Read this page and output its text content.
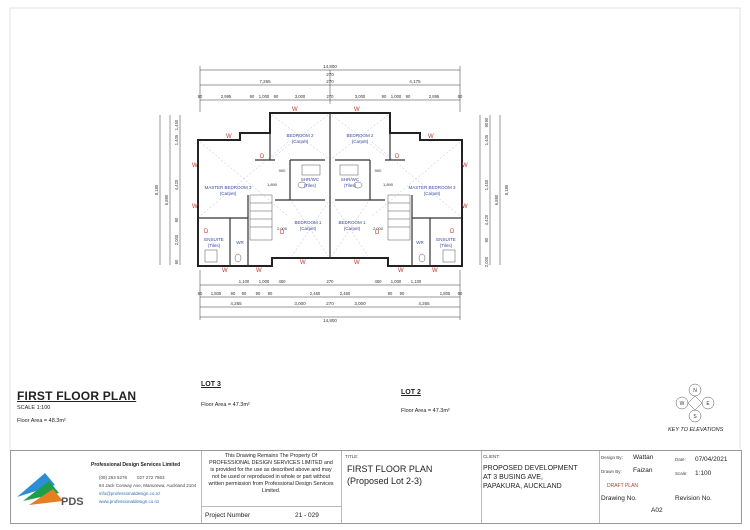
14,800
270
7,265	270	4,175
90	2,995	90 1,000 90	3,000	270	3,000	90 1,000 90	2,895	90
1,100 1,000 450	270	450 1,000 1,100
90 1,805 90 90 90 90	2,460	2,460	90 90	1,805 90
4,265	3,000	270	3,000	4,265
14,800
8,185
6,890
1,450
1,405
4,420
90
2,000
90
8,185
6,890
90
1,405
1,450
4,420
90
2,000
90
W
W	W
W
W	W
W	W
W	W	W	W
W	W
D	D
D	D
D	D
BEDROOM 2
(Carpet)
BEDROOM 2
(Carpet)
MASTER BEDROOM 3
(Carpet)
MASTER BEDROOM 3
(Carpet)
SHR/WC
(Tiles)
SHR/WC
(Tiles)
BEDROOM 1
(Carpet)
BEDROOM 1
(Carpet)
ENSUITE
(Tiles)
ENSUITE
(Tiles)
WR	WR
900	900
1,890	1,890
2,000	2,000
N
E
S
W
FIRST FLOOR PLAN
SCALE 1:100
Floor Area = 48.3m²
LOT 3
Floor Area = 47.3m²
LOT 2
Floor Area = 47.3m²
KEY TO ELEVATIONS
PDS
Professional Design Services Limited
(09) 263 5276 027 272 7863
84 Jack Conway Ave, Manurewa, Auckland 2104
info@professionaldesign.co.nz
www.professionaldesign.co.nz
This Drawing Remains The Property Of PROFESSIONAL DESIGN SERVICES LIMITED and is provided for the use as described above and may not be used or reproduced in whole or part without written permission from Professional Design Services Limited.
Project Number	21 - 029
TITLE:
FIRST FLOOR PLAN
(Proposed Lot 2-3)
CLIENT:
PROPOSED DEVELOPMENT
AT 3 BUSING AVE,
PAPAKURA, AUCKLAND
Design By: Wattan	Date: 07/04/2021
Drawn By: Faizan	Scale: 1:100
DRAFT PLAN
Drawing No.
A02
Revision No.
